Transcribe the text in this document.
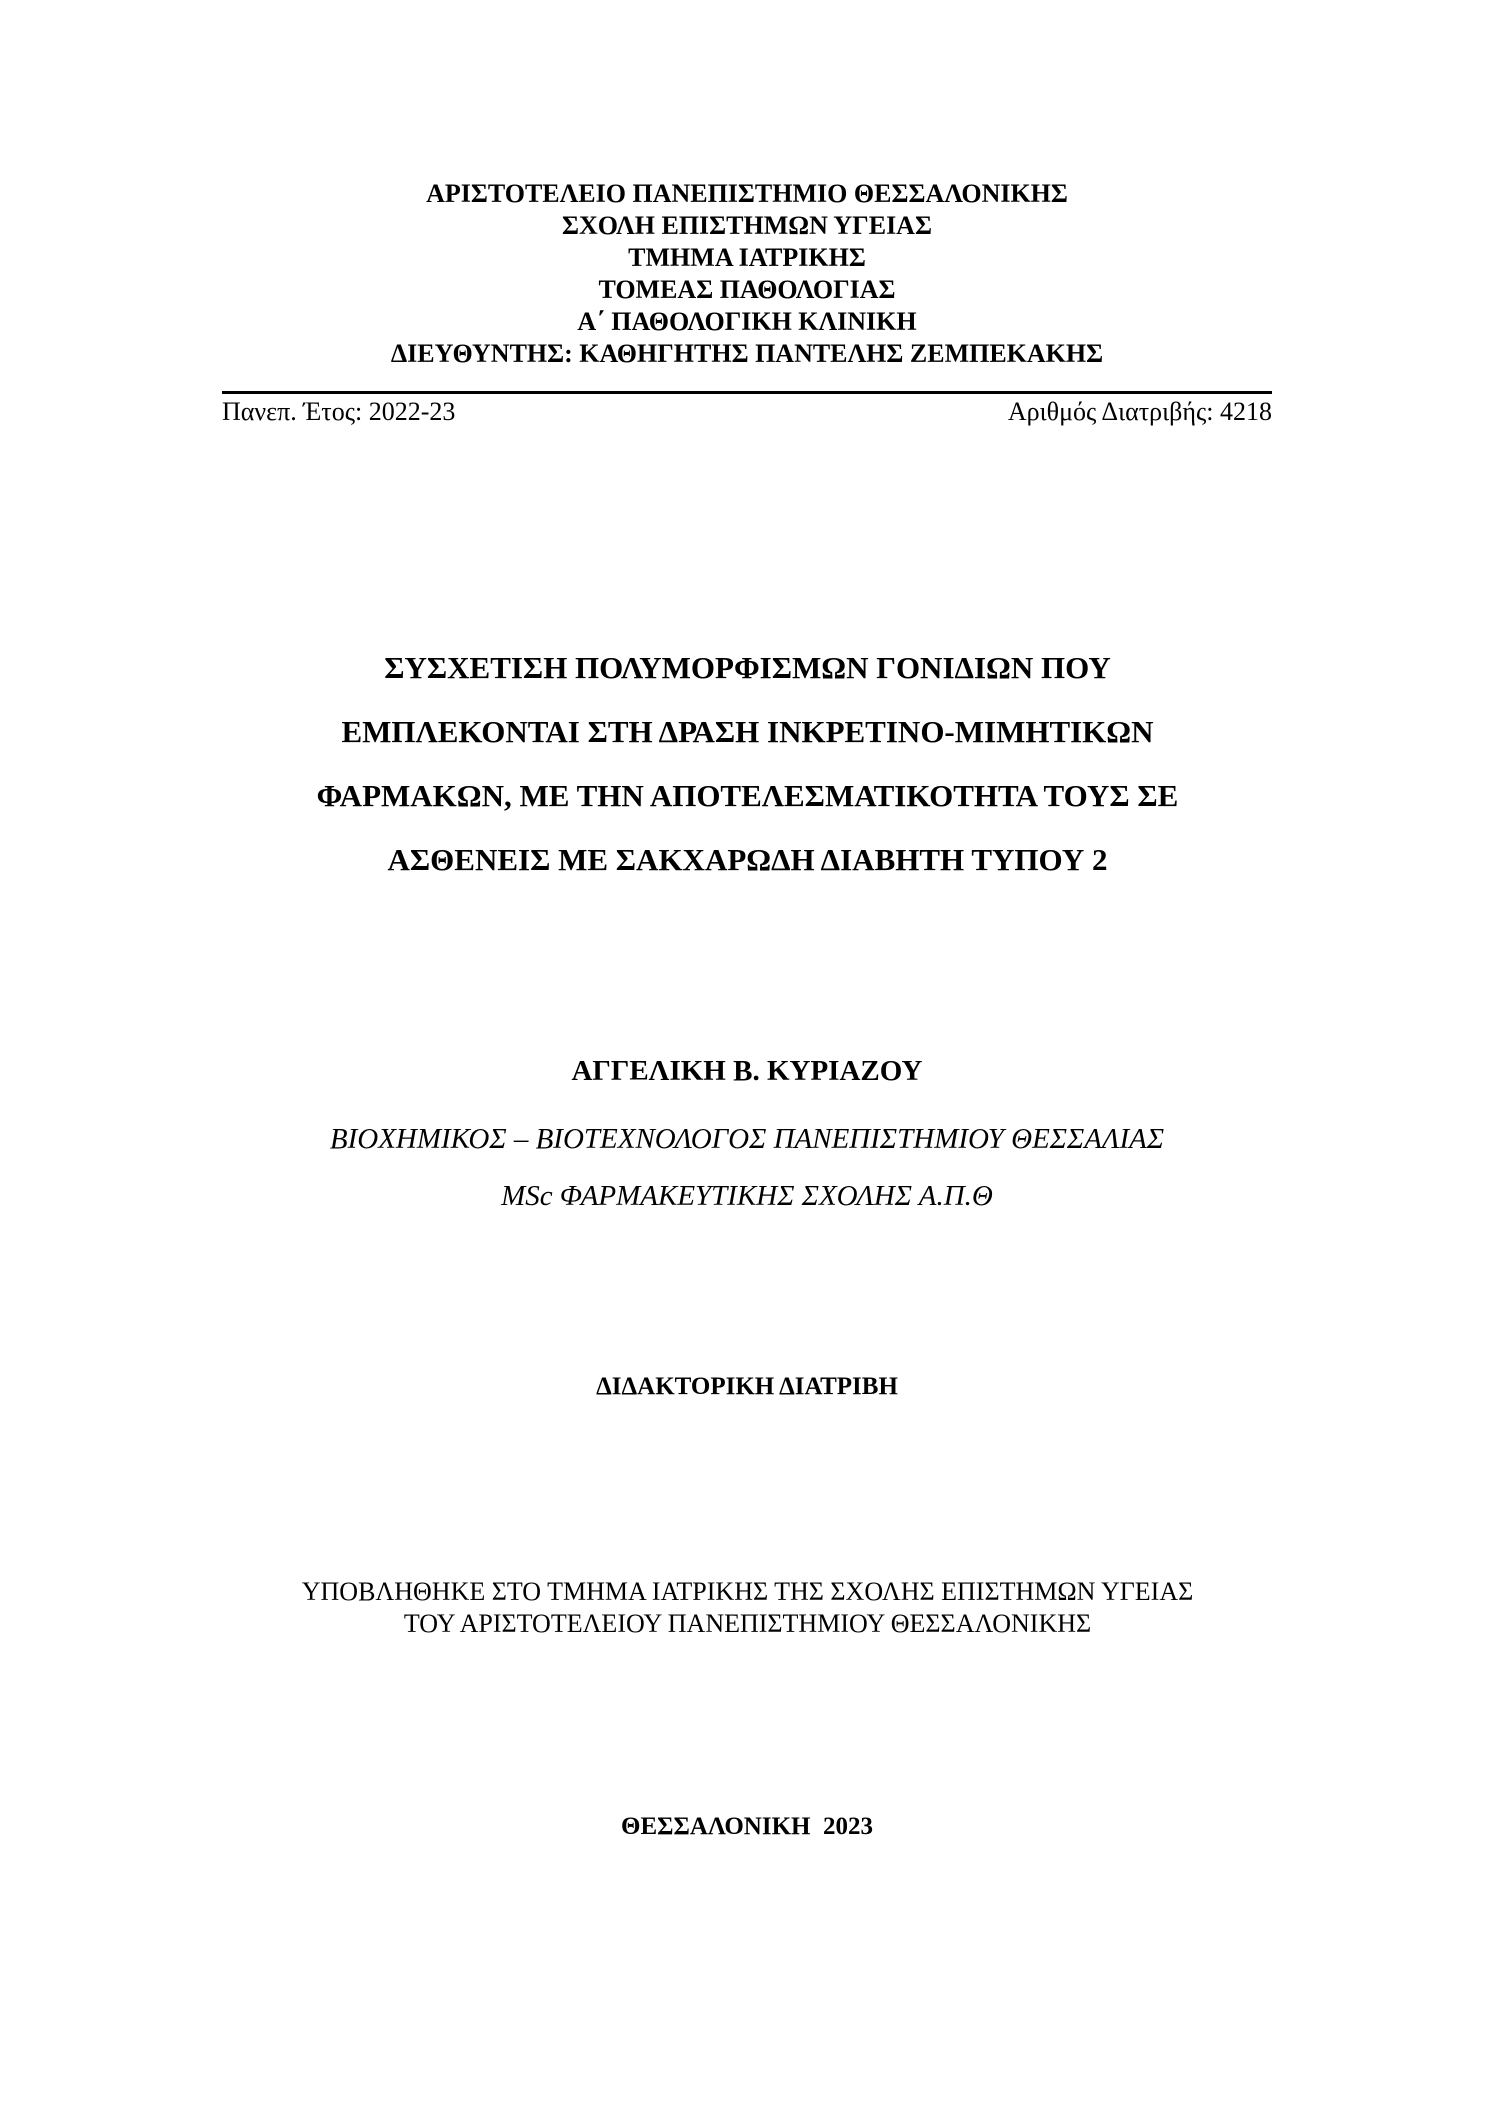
ΑΡΙΣΤΟΤΕΛΕΙΟ ΠΑΝΕΠΙΣΤΗΜΙΟ ΘΕΣΣΑΛΟΝΙΚΗΣ
ΣΧΟΛΗ ΕΠΙΣΤΗΜΩΝ ΥΓΕΙΑΣ
ΤΜΗΜΑ ΙΑΤΡΙΚΗΣ
ΤΟΜΕΑΣ ΠΑΘΟΛΟΓΙΑΣ
Α΄ ΠΑΘΟΛΟΓΙΚΗ ΚΛΙΝΙΚΗ
ΔΙΕΥΘΥΝΤΗΣ: ΚΑΘΗΓΗΤΗΣ ΠΑΝΤΕΛΗΣ ΖΕΜΠΕΚΑΚΗΣ
Πανεπ. Έτος: 2022-23	Αριθμός Διατριβής: 4218
ΣΥΣΧΕΤΙΣΗ ΠΟΛΥΜΟΡΦΙΣΜΩΝ ΓΟΝΙΔΙΩΝ ΠΟΥ
ΕΜΠΛΕΚΟΝΤΑΙ ΣΤΗ ΔΡΑΣΗ ΙΝΚΡΕΤΙΝΟ-ΜΙΜΗΤΙΚΩΝ
ΦΑΡΜΑΚΩΝ, ΜΕ ΤΗΝ ΑΠΟΤΕΛΕΣΜΑΤΙΚΟΤΗΤΑ ΤΟΥΣ ΣΕ
ΑΣΘΕΝΕΙΣ ΜΕ ΣΑΚΧΑΡΩΔΗ ΔΙΑΒΗΤΗ ΤΥΠΟΥ 2
ΑΓΓΕΛΙΚΗ Β. ΚΥΡΙΑΖΟΥ
ΒΙΟΧΗΜΙΚΟΣ – ΒΙΟΤΕΧΝΟΛΟΓΟΣ ΠΑΝΕΠΙΣΤΗΜΙΟΥ ΘΕΣΣΑΛΙΑΣ
MSc ΦΑΡΜΑΚΕΥΤΙΚΗΣ ΣΧΟΛΗΣ Α.Π.Θ
ΔΙΔΑΚΤΟΡΙΚΗ ΔΙΑΤΡΙΒΗ
ΥΠΟΒΛΗΘΗΚΕ ΣΤΟ ΤΜΗΜΑ ΙΑΤΡΙΚΗΣ ΤΗΣ ΣΧΟΛΗΣ ΕΠΙΣΤΗΜΩΝ ΥΓΕΙΑΣ
ΤΟΥ ΑΡΙΣΤΟΤΕΛΕΙΟΥ ΠΑΝΕΠΙΣΤΗΜΙΟΥ ΘΕΣΣΑΛΟΝΙΚΗΣ
ΘΕΣΣΑΛΟΝΙΚΗ  2023
